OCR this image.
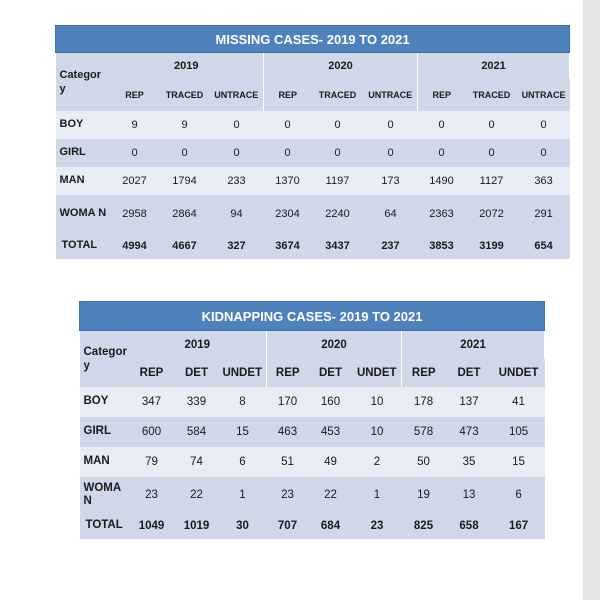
MISSING CASES- 2019 TO 2021									
Categor y	2019			2020			2021		
	REP	TRACED	UNTRACE	REP	TRACED	UNTRACE	REP	TRACED	UNTRACE
BOY	9	9	0	0	0	0	0	0	0
GIRL	0	0	0	0	0	0	0	0	0
MAN	2027	1794	233	1370	1197	173	1490	1127	363
WOMA N	2958	2864	94	2304	2240	64	2363	2072	291
TOTAL	4994	4667	327	3674	3437	237	3853	3199	654
KIDNAPPING CASES- 2019 TO 2021									
Categor y	2019			2020			2021		
	REP	DET	UNDET	REP	DET	UNDET	REP	DET	UNDET
BOY	347	339	8	170	160	10	178	137	41
GIRL	600	584	15	463	453	10	578	473	105
MAN	79	74	6	51	49	2	50	35	15
WOMA N	23	22	1	23	22	1	19	13	6
TOTAL	1049	1019	30	707	684	23	825	658	167
